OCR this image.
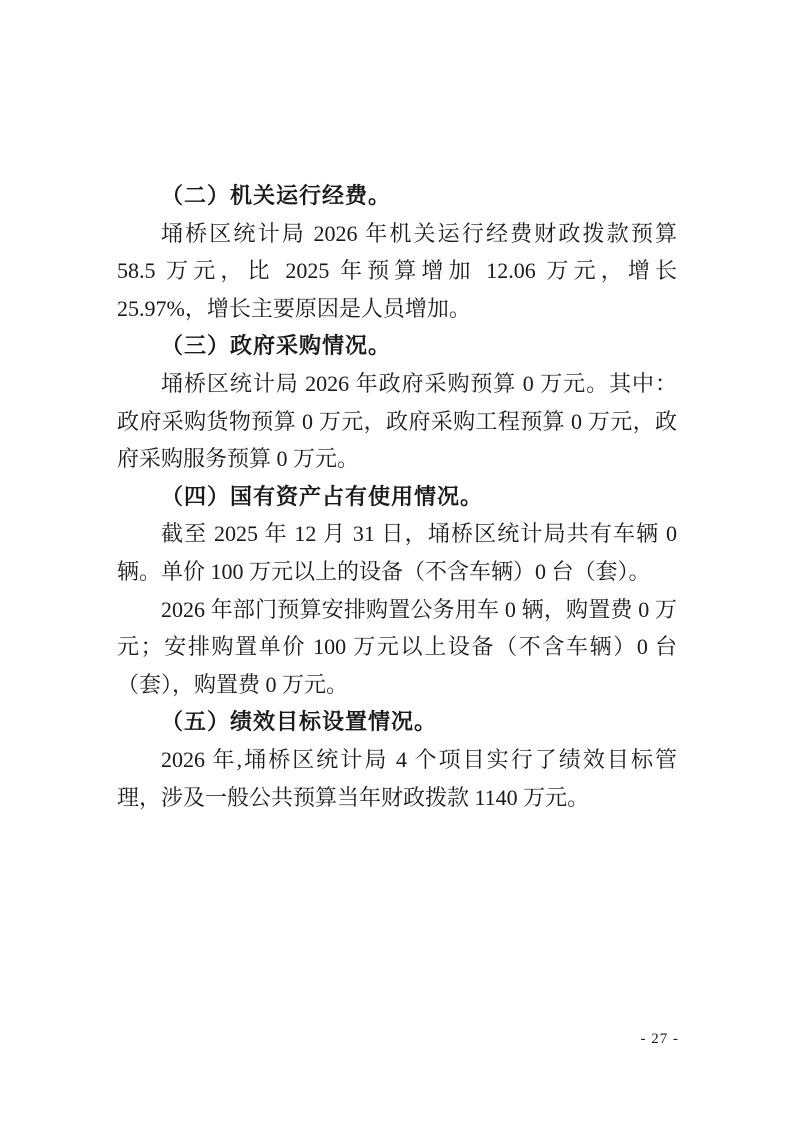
（二）机关运行经费。

埇桥区统计局 2026 年机关运行经费财政拨款预算 58.5 万元，比 2025 年预算增加 12.06 万元，增长 25.97%，增长主要原因是人员增加。

（三）政府采购情况。

埇桥区统计局 2026 年政府采购预算 0 万元。其中：政府采购货物预算 0 万元，政府采购工程预算 0 万元，政府采购服务预算 0 万元。

（四）国有资产占有使用情况。

截至 2025 年 12 月 31 日，埇桥区统计局共有车辆 0 辆。单价 100 万元以上的设备（不含车辆）0 台（套）。

2026 年部门预算安排购置公务用车 0 辆，购置费 0 万元；安排购置单价 100 万元以上设备（不含车辆）0 台（套），购置费 0 万元。

（五）绩效目标设置情况。

2026 年,埇桥区统计局 4 个项目实行了绩效目标管理，涉及一般公共预算当年财政拨款 1140 万元。

- 27 -
